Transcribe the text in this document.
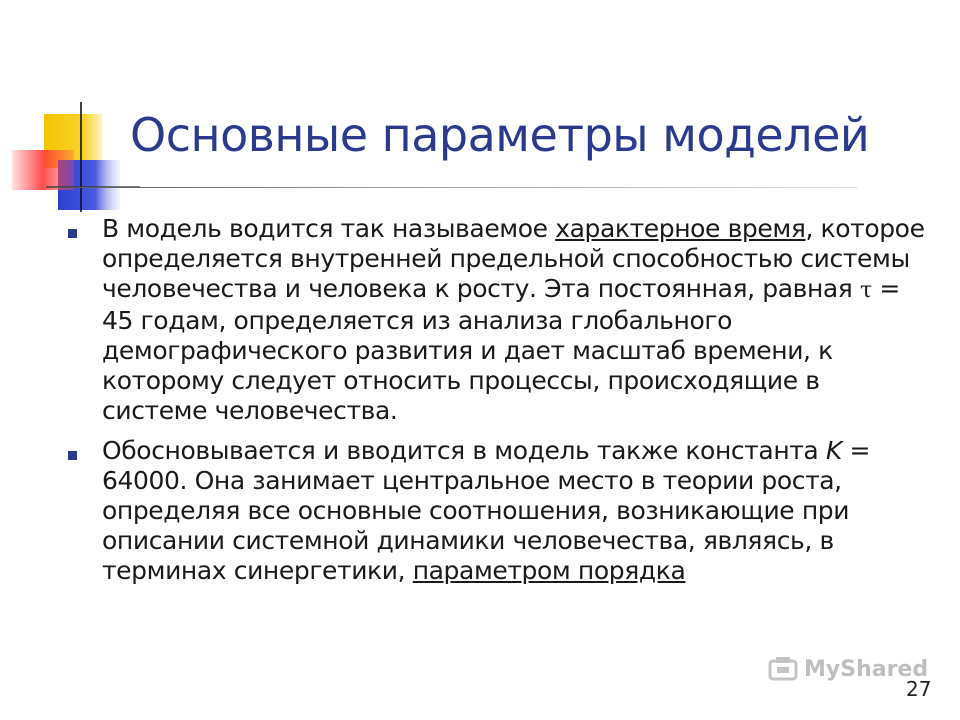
Основные параметры моделей
В модель водится так называемое характерное время, которое определяется внутренней предельной способностью системы человечества и человека к росту. Эта постоянная, равная τ = 45 годам, определяется из анализа глобального демографического развития и дает масштаб времени, к которому следует относить процессы, происходящие в системе человечества.
Обосновывается и вводится в модель также константа K = 64000. Она занимает центральное место в теории роста, определяя все основные соотношения, возникающие при описании системной динамики человечества, являясь, в терминах синергетики, параметром порядка
MyShared
27
